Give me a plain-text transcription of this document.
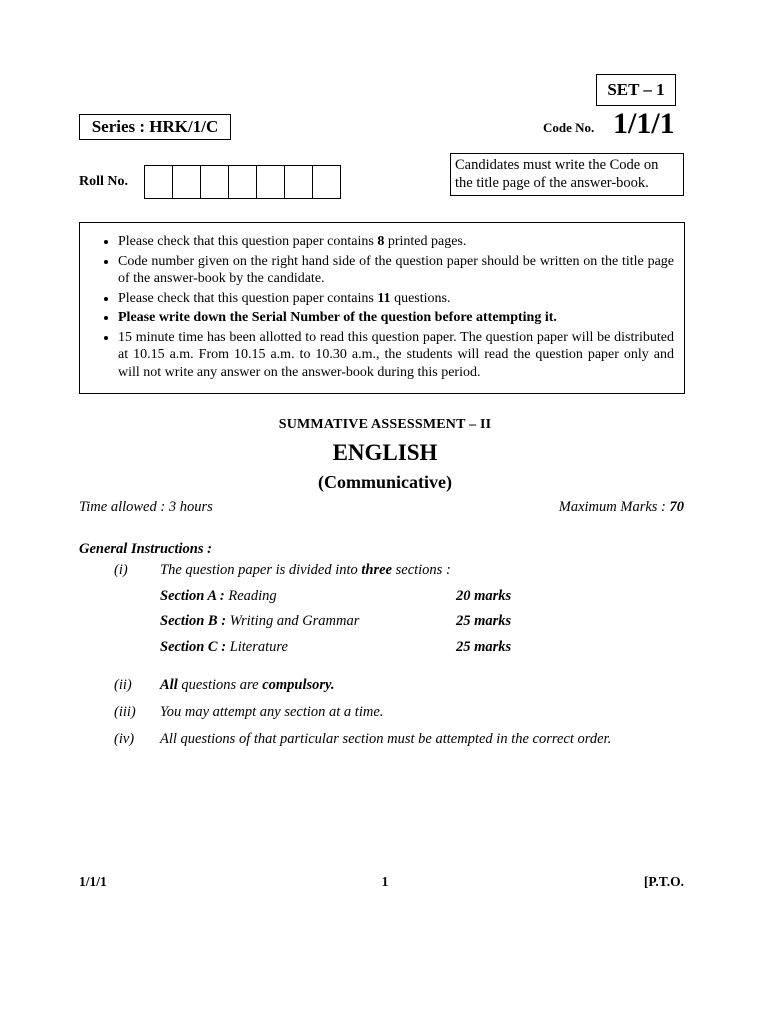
SET – 1
Series : HRK/1/C	Code No. 1/1/1
Roll No.
Candidates must write the Code on the title page of the answer-book.
• Please check that this question paper contains 8 printed pages.
• Code number given on the right hand side of the question paper should be written on the title page of the answer-book by the candidate.
• Please check that this question paper contains 11 questions.
• Please write down the Serial Number of the question before attempting it.
• 15 minute time has been allotted to read this question paper. The question paper will be distributed at 10.15 a.m. From 10.15 a.m. to 10.30 a.m., the students will read the question paper only and will not write any answer on the answer-book during this period.
SUMMATIVE ASSESSMENT – II
ENGLISH
(Communicative)
Time allowed : 3 hours	Maximum Marks : 70
General Instructions :
(i) The question paper is divided into three sections :
Section A : Reading	20 marks
Section B : Writing and Grammar	25 marks
Section C : Literature	25 marks
(ii) All questions are compulsory.
(iii) You may attempt any section at a time.
(iv) All questions of that particular section must be attempted in the correct order.
1/1/1	1	[P.T.O.
